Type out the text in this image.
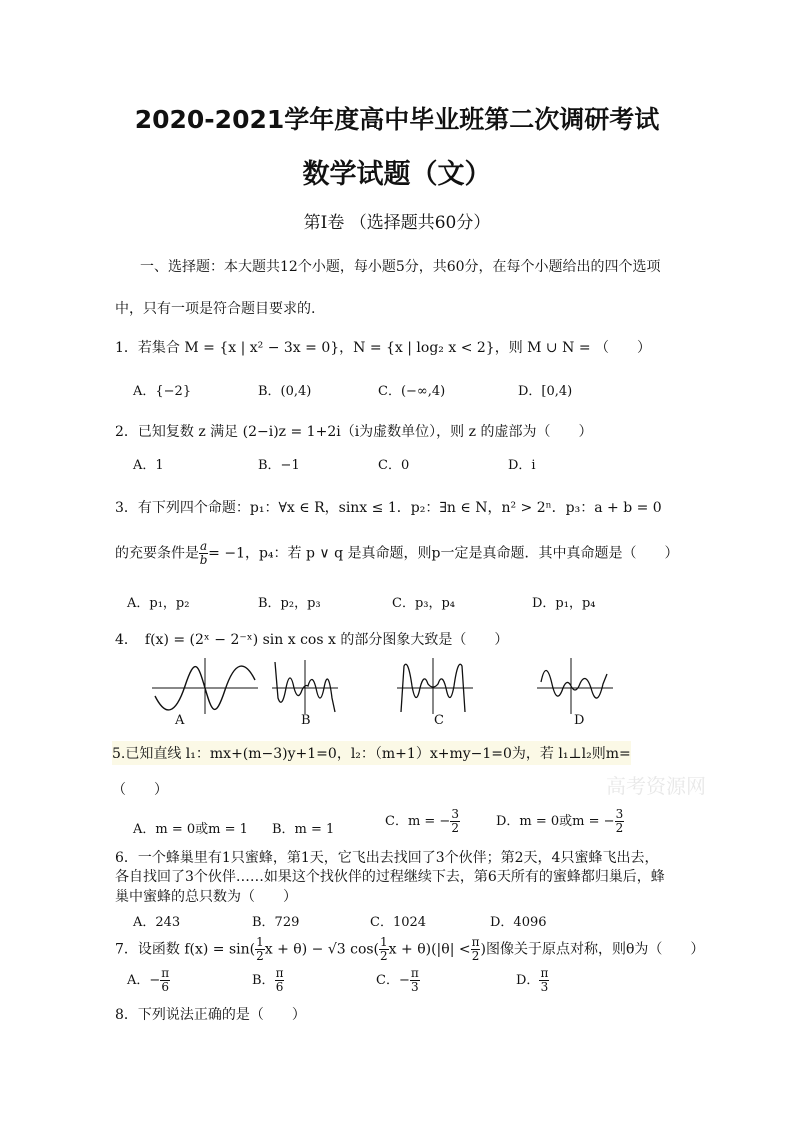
2020-2021学年度高中毕业班第二次调研考试
数学试题（文）
第Ⅰ卷 （选择题共60分）
一、选择题：本大题共12个小题，每小题5分，共60分，在每个小题给出的四个选项
中，只有一项是符合题目要求的.
1．若集合 M = {x | x² − 3x = 0}，N = {x | log₂ x < 2}，则 M ∪ N = （　　）
A．{−2}	B．(0,4)	C．(−∞,4)	D．[0,4)
2．已知复数 z 满足 (2−i)z = 1+2i（i为虚数单位），则 z 的虚部为（　　）
A．1	B．−1	C．0	D．i
3．有下列四个命题：p₁：∀x ∈ R，sinx ≤ 1．p₂：∃n ∈ N，n² > 2ⁿ．p₃：a + b = 0
的充要条件是 $\frac{a}{b} = -1$，p₄：若 p ∨ q 是真命题，则p一定是真命题．其中真命题是（　　）
A．p₁，p₂	B．p₂，p₃	C．p₃，p₄	D．p₁，p₄
4．　f(x) = (2ˣ − 2⁻ˣ) sin x cos x 的部分图象大致是（　　）
A	B	C	D
5.已知直线 l₁：mx+(m−3)y+1=0，l₂：（m+1）x+my−1=0为，若 l₁⊥l₂则m=
高考资源网
（　　）
A．m = 0或m = 1 B．m = 1
C．m = − $\frac{3}{2}$	D．m = 0或m = − $\frac{3}{2}$
6．一个蜂巢里有1只蜜蜂，第1天，它飞出去找回了3个伙伴；第2天，4只蜜蜂飞出去，
各自找回了3个伙伴……如果这个找伙伴的过程继续下去，第6天所有的蜜蜂都归巢后，蜂
巢中蜜蜂的总只数为（　　）
A．243	B．729	C．1024	D．4096
7．设函数 $f(x) = \sin( \frac{1}{2}$ x + θ) − √3 $\cos( \frac{1}{2}$ $x + \theta)(|\theta| < \frac{\pi}{2}$ )图像关于原点对称，则θ为（　　）
A．− $\frac{\pi}{6}$	B． $\frac{\pi}{6}$	C．− $\frac{\pi}{3}$	D． $\frac{\pi}{3}$
8．下列说法正确的是（　　）
